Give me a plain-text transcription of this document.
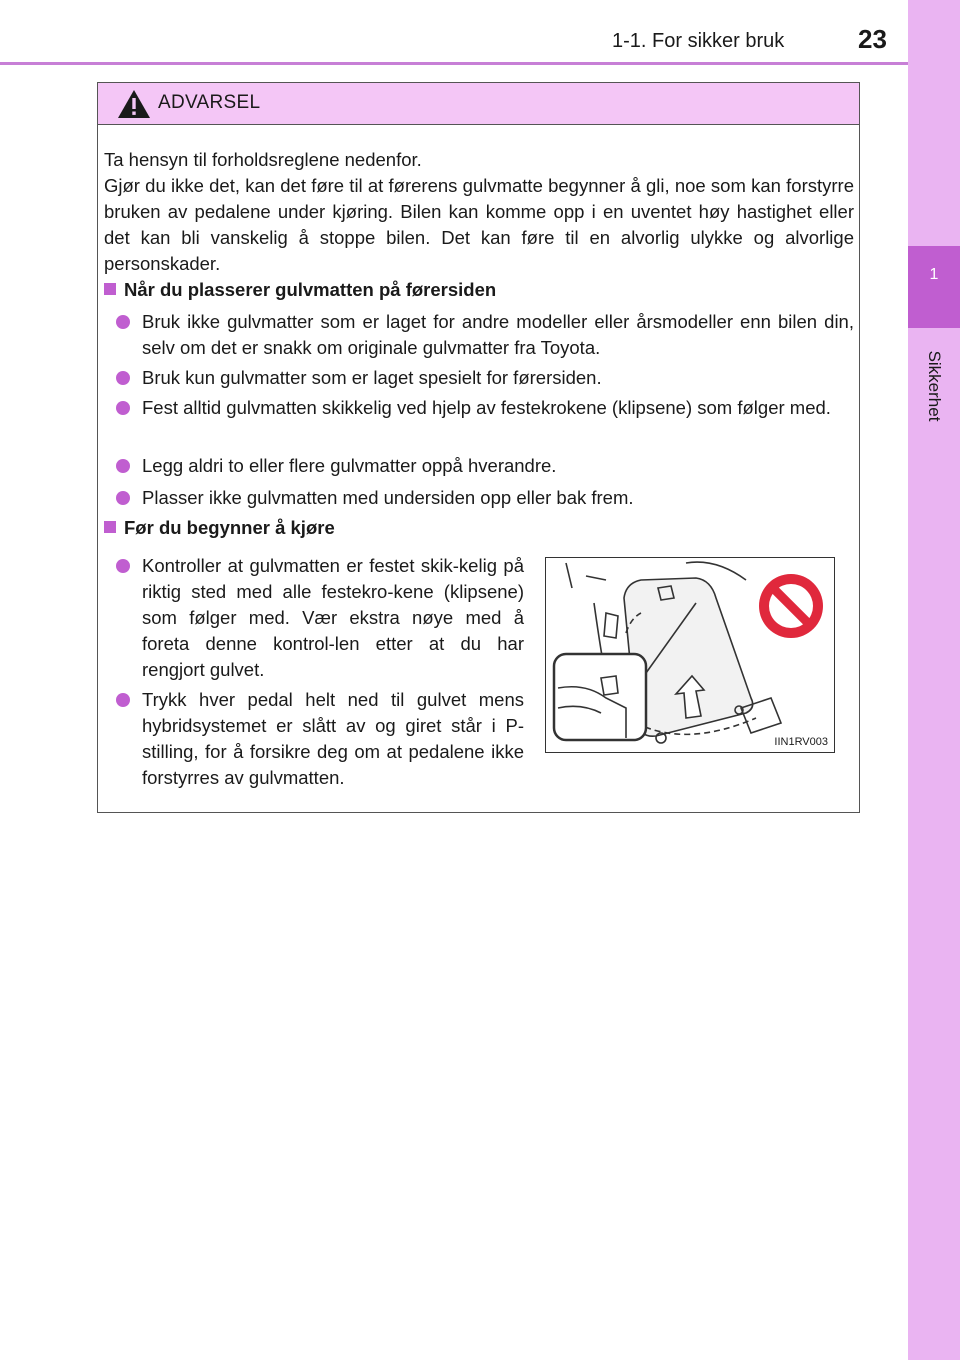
1-1. For sikker bruk	23
1
Sikkerhet
ADVARSEL
Ta hensyn til forholdsreglene nedenfor.
Gjør du ikke det, kan det føre til at førerens gulvmatte begynner å gli, noe som kan forstyrre bruken av pedalene under kjøring. Bilen kan komme opp i en uventet høy hastighet eller det kan bli vanskelig å stoppe bilen. Det kan føre til en alvorlig ulykke og alvorlige personskader.
Når du plasserer gulvmatten på førersiden
Bruk ikke gulvmatter som er laget for andre modeller eller årsmodeller enn bilen din, selv om det er snakk om originale gulvmatter fra Toyota.
Bruk kun gulvmatter som er laget spesielt for førersiden.
Fest alltid gulvmatten skikkelig ved hjelp av festekrokene (klipsene) som følger med.
Legg aldri to eller flere gulvmatter oppå hverandre.
Plasser ikke gulvmatten med undersiden opp eller bak frem.
Før du begynner å kjøre
Kontroller at gulvmatten er festet skik-kelig på riktig sted med alle festekro-kene (klipsene) som følger med. Vær ekstra nøye med å foreta denne kontrol-len etter at du har rengjort gulvet.
Trykk hver pedal helt ned til gulvet mens hybridsystemet er slått av og giret står i P-stilling, for å forsikre deg om at pedalene ikke forstyrres av gulvmatten.
IIN1RV003
